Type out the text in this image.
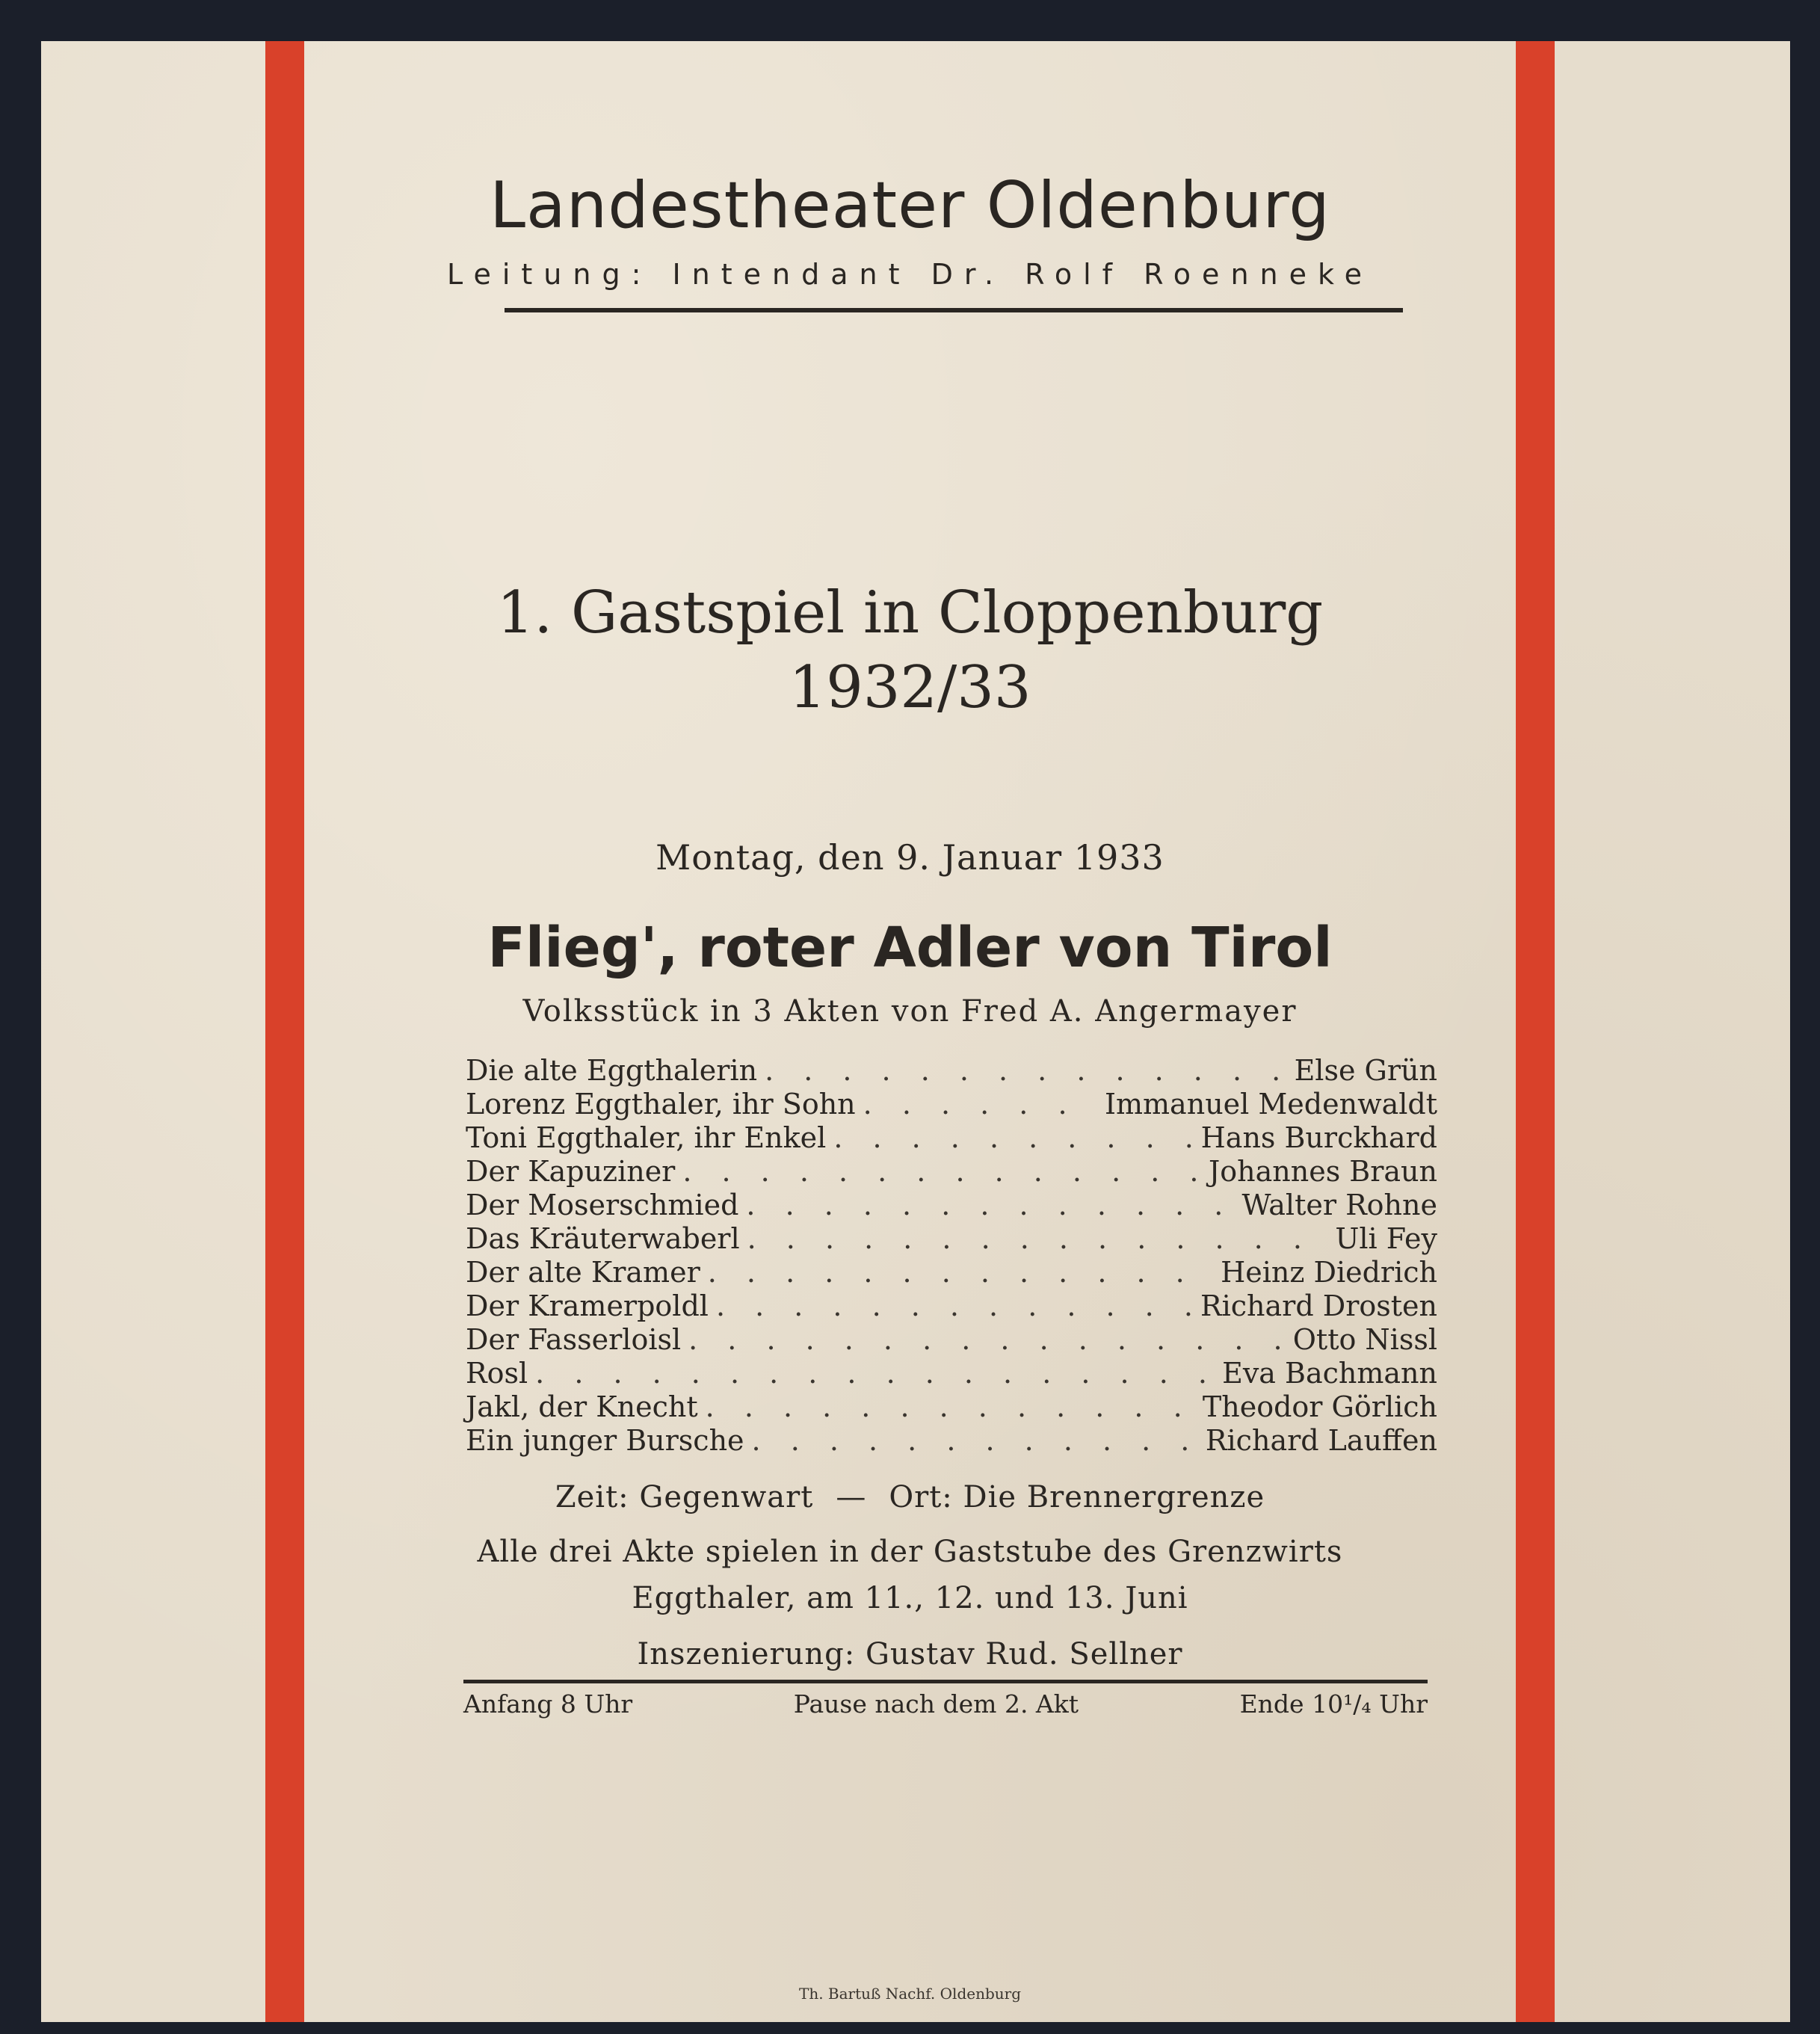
Landestheater Oldenburg
Leitung: Intendant Dr. Rolf Roenneke
1. Gastspiel in Cloppenburg
1932/33
Montag, den 9. Januar 1933
Flieg', roter Adler von Tirol
Volksstück in 3 Akten von Fred A. Angermayer
Die alte Eggthalerin . . .	Else Grün
Lorenz Eggthaler, ihr Sohn . . .	Immanuel Medenwaldt
Toni Eggthaler, ihr Enkel . . .	Hans Burckhard
Der Kapuziner . . .	Johannes Braun
Der Moserschmied . . .	Walter Rohne
Das Kräuterwaberl . . .	Uli Fey
Der alte Kramer . . .	Heinz Diedrich
Der Kramerpoldl . . .	Richard Drosten
Der Fasserloisl . . .	Otto Nissl
Rosl . . .	Eva Bachmann
Jakl, der Knecht . . .	Theodor Görlich
Ein junger Bursche . . .	Richard Lauffen
Zeit: Gegenwart — Ort: Die Brennergrenze
Alle drei Akte spielen in der Gaststube des Grenzwirts
Eggthaler, am 11., 12. und 13. Juni
Inszenierung: Gustav Rud. Sellner
Anfang 8 Uhr	Pause nach dem 2. Akt	Ende 10¹/₄ Uhr
Th. Bartuß Nachf. Oldenburg
